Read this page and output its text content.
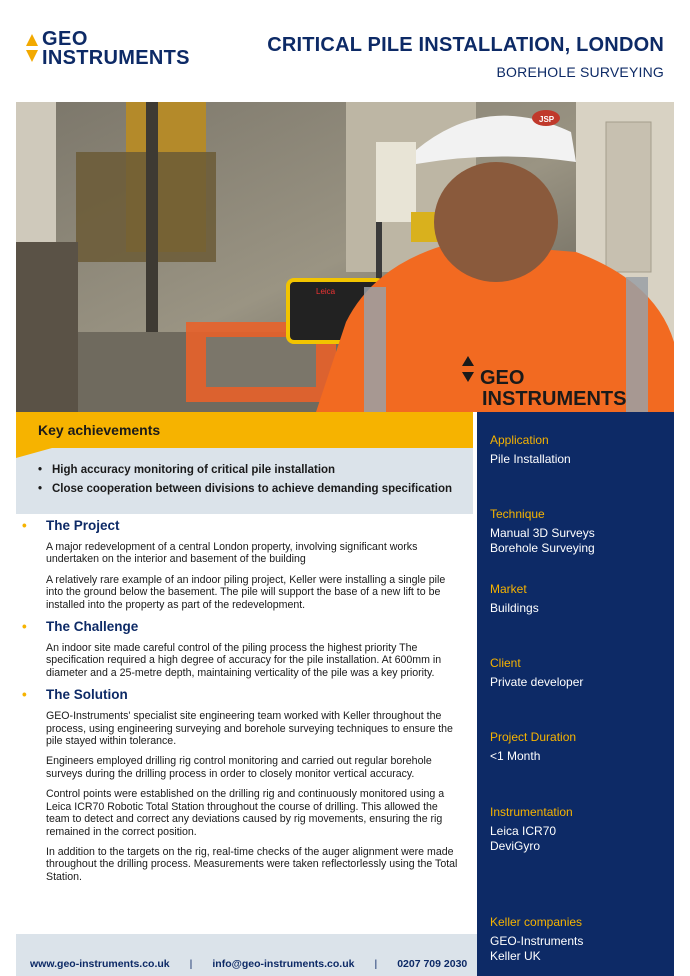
GEO
INSTRUMENTS
CRITICAL PILE INSTALLATION, LONDON
BOREHOLE SURVEYING
Leica
JSP
GEO
INSTRUMENTS
Key achievements
• High accuracy monitoring of critical pile installation
• Close cooperation between divisions to achieve demanding specification
• The Project

A major redevelopment of a central London property, involving significant works undertaken on the interior and basement of the building

A relatively rare example of an indoor piling project, Keller were installing a single pile into the ground below the basement. The pile will support the base of a new lift to be installed into the property as part of the redevelopment.

• The Challenge

An indoor site made careful control of the piling process the highest priority The specification required a high degree of accuracy for the pile installation. At 600mm in diameter and a 25-metre depth, maintaining verticality of the pile was a key priority.

• The Solution

GEO-Instruments' specialist site engineering team worked with Keller throughout the process, using engineering surveying and borehole surveying techniques to ensure the pile stayed within tolerance.

Engineers employed drilling rig control monitoring and carried out regular borehole surveys during the drilling process in order to closely monitor vertical accuracy.

Control points were established on the drilling rig and continuously monitored using a Leica ICR70 Robotic Total Station throughout the course of drilling. This allowed the team to detect and correct any deviations caused by rig movements, ensuring the rig remained in the correct position.

In addition to the targets on the rig, real-time checks of the auger alignment were made throughout the drilling process. Measurements were taken reflectorlessly using the Total Station.

Application
Pile Installation
Technique
Manual 3D Surveys
Borehole Surveying
Market
Buildings
Client
Private developer
Project Duration
<1 Month
Instrumentation
Leica ICR70
DeviGyro
Keller companies
GEO-Instruments
Keller UK
www.geo-instruments.co.uk | info@geo-instruments.co.uk | 0207 709 2030
